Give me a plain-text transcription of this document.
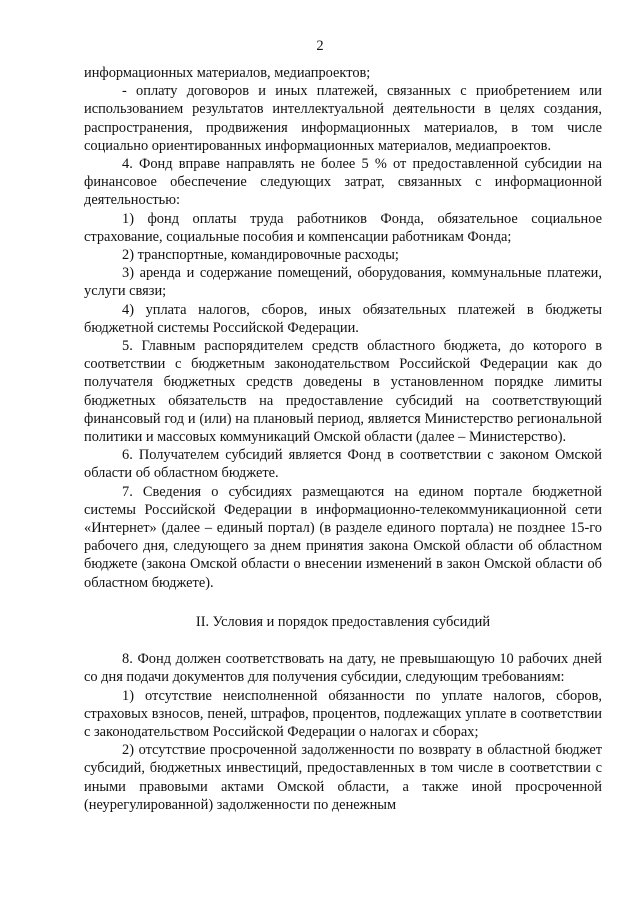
2

информационных материалов, медиапроектов;

- оплату договоров и иных платежей, связанных с приобретением или использованием результатов интеллектуальной деятельности в целях создания, распространения, продвижения информационных материалов, в том числе социально ориентированных информационных материалов, медиапроектов.

4. Фонд вправе направлять не более 5 % от предоставленной субсидии на финансовое обеспечение следующих затрат, связанных с информационной деятельностью:

1) фонд оплаты труда работников Фонда, обязательное социальное страхование, социальные пособия и компенсации работникам Фонда;

2) транспортные, командировочные расходы;

3) аренда и содержание помещений, оборудования, коммунальные платежи, услуги связи;

4) уплата налогов, сборов, иных обязательных платежей в бюджеты бюджетной системы Российской Федерации.

5. Главным распорядителем средств областного бюджета, до которого в соответствии с бюджетным законодательством Российской Федерации как до получателя бюджетных средств доведены в установленном порядке лимиты бюджетных обязательств на предоставление субсидий на соответствующий финансовый год и (или) на плановый период, является Министерство региональной политики и массовых коммуникаций Омской области (далее – Министерство).

6. Получателем субсидий является Фонд в соответствии с законом Омской области об областном бюджете.

7. Сведения о субсидиях размещаются на едином портале бюджетной системы Российской Федерации в информационно-телекоммуникационной сети «Интернет» (далее – единый портал) (в разделе единого портала) не позднее 15-го рабочего дня, следующего за днем принятия закона Омской области об областном бюджете (закона Омской области о внесении изменений в закон Омской области об областном бюджете).

II. Условия и порядок предоставления субсидий

8. Фонд должен соответствовать на дату, не превышающую 10 рабочих дней со дня подачи документов для получения субсидии, следующим требованиям:

1) отсутствие неисполненной обязанности по уплате налогов, сборов, страховых взносов, пеней, штрафов, процентов, подлежащих уплате в соответствии с законодательством Российской Федерации о налогах и сборах;

2) отсутствие просроченной задолженности по возврату в областной бюджет субсидий, бюджетных инвестиций, предоставленных в том числе в соответствии с иными правовыми актами Омской области, а также иной просроченной (неурегулированной) задолженности по денежным
